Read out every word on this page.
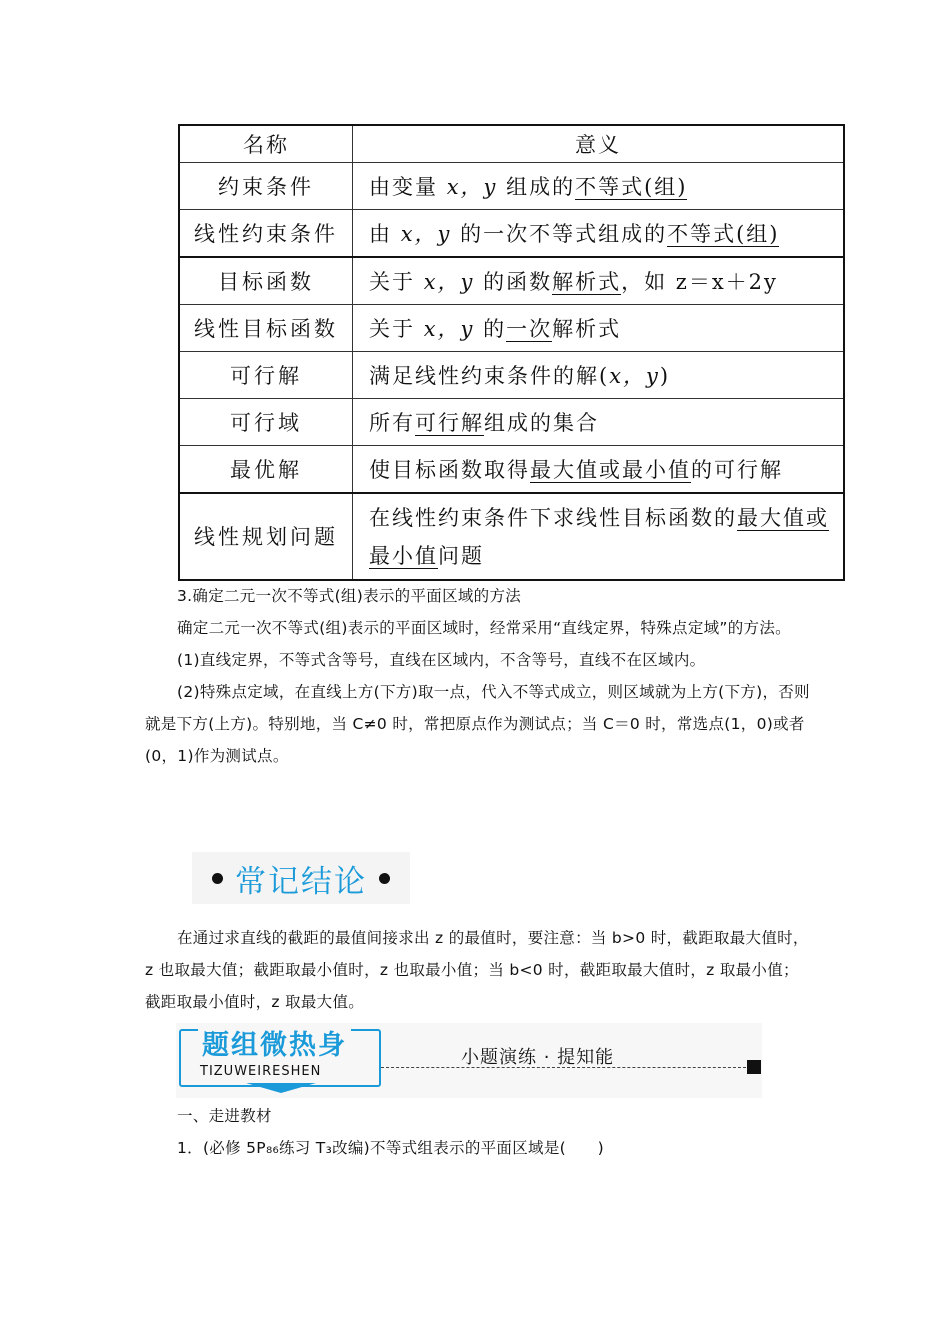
名称	意义
约束条件	由变量 x，y 组成的不等式(组)
线性约束条件	由 x，y 的一次不等式组成的不等式(组)
目标函数	关于 x，y 的函数解析式，如 z＝x＋2y
线性目标函数	关于 x，y 的一次解析式
可行解	满足线性约束条件的解(x，y)
可行域	所有可行解组成的集合
最优解	使目标函数取得最大值或最小值的可行解
线性规划问题	在线性约束条件下求线性目标函数的最大值或最小值问题

3.确定二元一次不等式(组)表示的平面区域的方法

确定二元一次不等式(组)表示的平面区域时，经常采用“直线定界，特殊点定域”的方法。

(1)直线定界，不等式含等号，直线在区域内，不含等号，直线不在区域内。

(2)特殊点定域，在直线上方(下方)取一点，代入不等式成立，则区域就为上方(下方)，否则就是下方(上方)。特别地，当 C≠0 时，常把原点作为测试点；当 C＝0 时，常选点(1，0)或者(0，1)作为测试点。

常记结论

在通过求直线的截距的最值间接求出 z 的最值时，要注意：当 b>0 时，截距取最大值时，z 也取最大值；截距取最小值时，z 也取最小值；当 b<0 时，截距取最大值时，z 取最小值；截距取最小值时，z 取最大值。

题组微热身
TIZUWEIRESHEN
小题演练 · 提知能

一、走进教材

1．(必修 5P₈₆练习 T₃改编)不等式组表示的平面区域是(　　)
